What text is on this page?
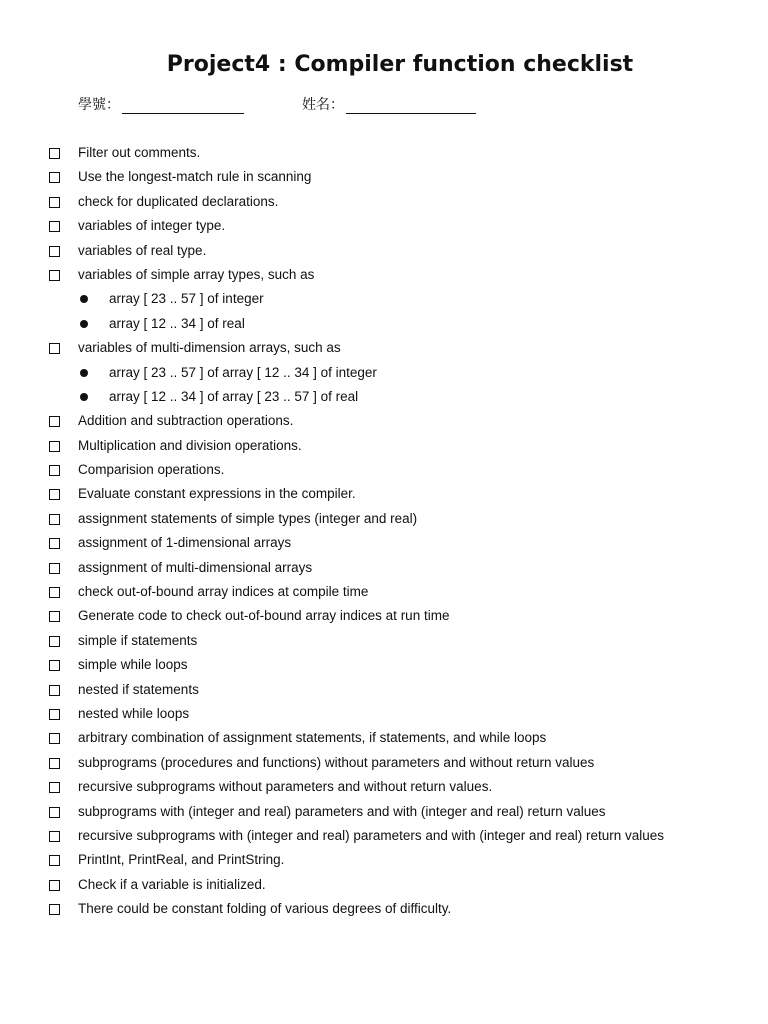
Project4 : Compiler function checklist
學號：	姓名：
Filter out comments.
Use the longest-match rule in scanning
check for duplicated declarations.
variables of integer type.
variables of real type.
variables of simple array types, such as
array [ 23 .. 57 ] of integer
array [ 12 .. 34 ] of real
variables of multi-dimension arrays, such as
array [ 23 .. 57 ] of array [ 12 .. 34 ] of integer
array [ 12 .. 34 ] of array [ 23 .. 57 ] of real
Addition and subtraction operations.
Multiplication and division operations.
Comparision operations.
Evaluate constant expressions in the compiler.
assignment statements of simple types (integer and real)
assignment of 1-dimensional arrays
assignment of multi-dimensional arrays
check out-of-bound array indices at compile time
Generate code to check out-of-bound array indices at run time
simple if statements
simple while loops
nested if statements
nested while loops
arbitrary combination of assignment statements, if statements, and while loops
subprograms (procedures and functions) without parameters and without return values
recursive subprograms without parameters and without return values.
subprograms with (integer and real) parameters and with (integer and real) return values
recursive subprograms with (integer and real) parameters and with (integer and real) return values
PrintInt, PrintReal, and PrintString.
Check if a variable is initialized.
There could be constant folding of various degrees of difficulty.
